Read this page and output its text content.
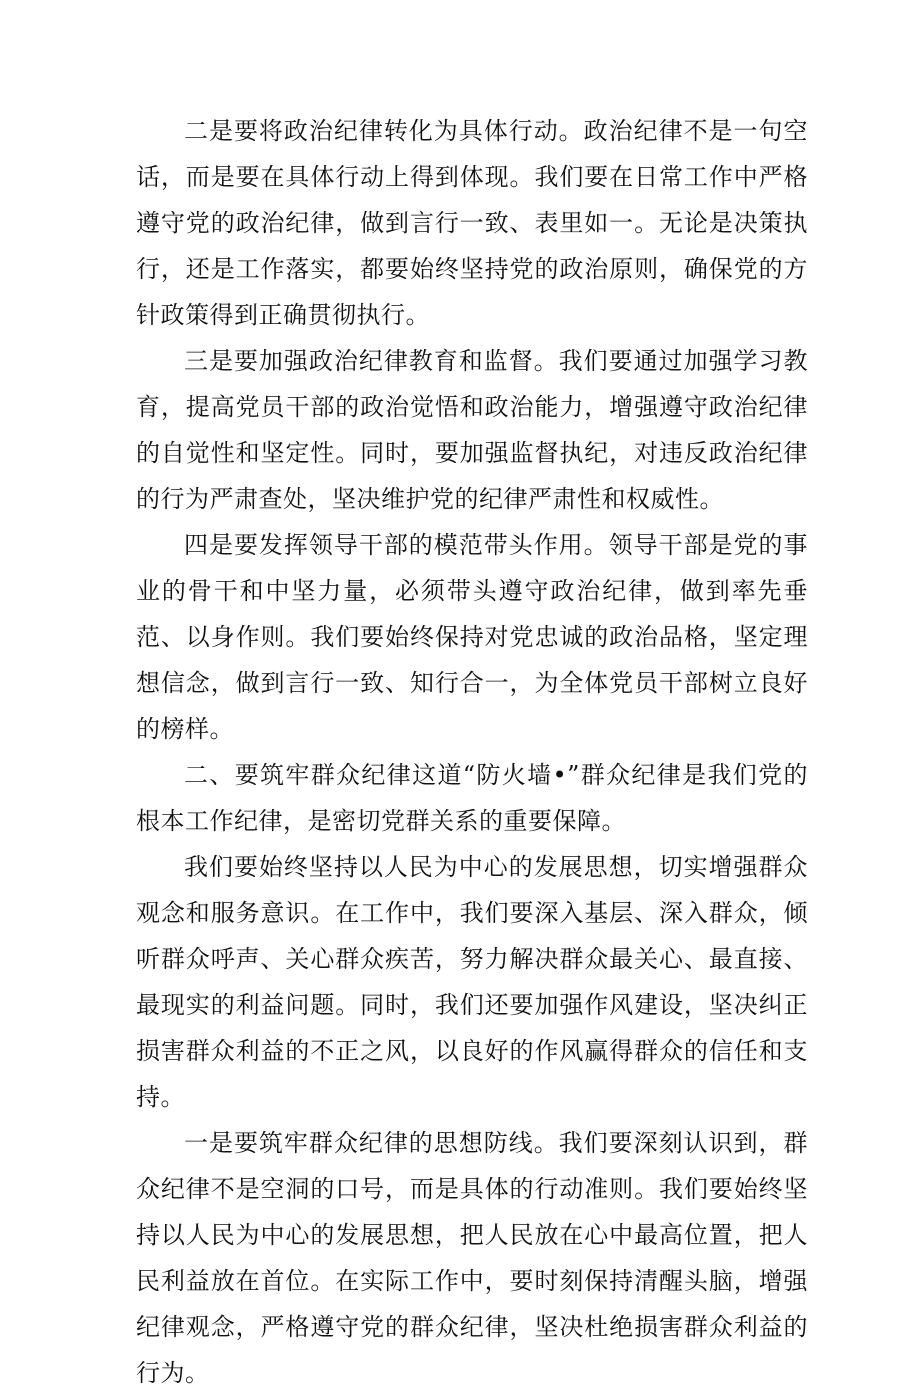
二是要将政治纪律转化为具体行动。政治纪律不是一句空话，而是要在具体行动上得到体现。我们要在日常工作中严格遵守党的政治纪律，做到言行一致、表里如一。无论是决策执行，还是工作落实，都要始终坚持党的政治原则，确保党的方针政策得到正确贯彻执行。

三是要加强政治纪律教育和监督。我们要通过加强学习教育，提高党员干部的政治觉悟和政治能力，增强遵守政治纪律的自觉性和坚定性。同时，要加强监督执纪，对违反政治纪律的行为严肃查处，坚决维护党的纪律严肃性和权威性。

四是要发挥领导干部的模范带头作用。领导干部是党的事业的骨干和中坚力量，必须带头遵守政治纪律，做到率先垂范、以身作则。我们要始终保持对党忠诚的政治品格，坚定理想信念，做到言行一致、知行合一，为全体党员干部树立良好的榜样。

二、要筑牢群众纪律这道“防火墙•”群众纪律是我们党的根本工作纪律，是密切党群关系的重要保障。

我们要始终坚持以人民为中心的发展思想，切实增强群众观念和服务意识。在工作中，我们要深入基层、深入群众，倾听群众呼声、关心群众疾苦，努力解决群众最关心、最直接、最现实的利益问题。同时，我们还要加强作风建设，坚决纠正损害群众利益的不正之风，以良好的作风赢得群众的信任和支持。

一是要筑牢群众纪律的思想防线。我们要深刻认识到，群众纪律不是空洞的口号，而是具体的行动准则。我们要始终坚持以人民为中心的发展思想，把人民放在心中最高位置，把人民利益放在首位。在实际工作中，要时刻保持清醒头脑，增强纪律观念，严格遵守党的群众纪律，坚决杜绝损害群众利益的行为。
